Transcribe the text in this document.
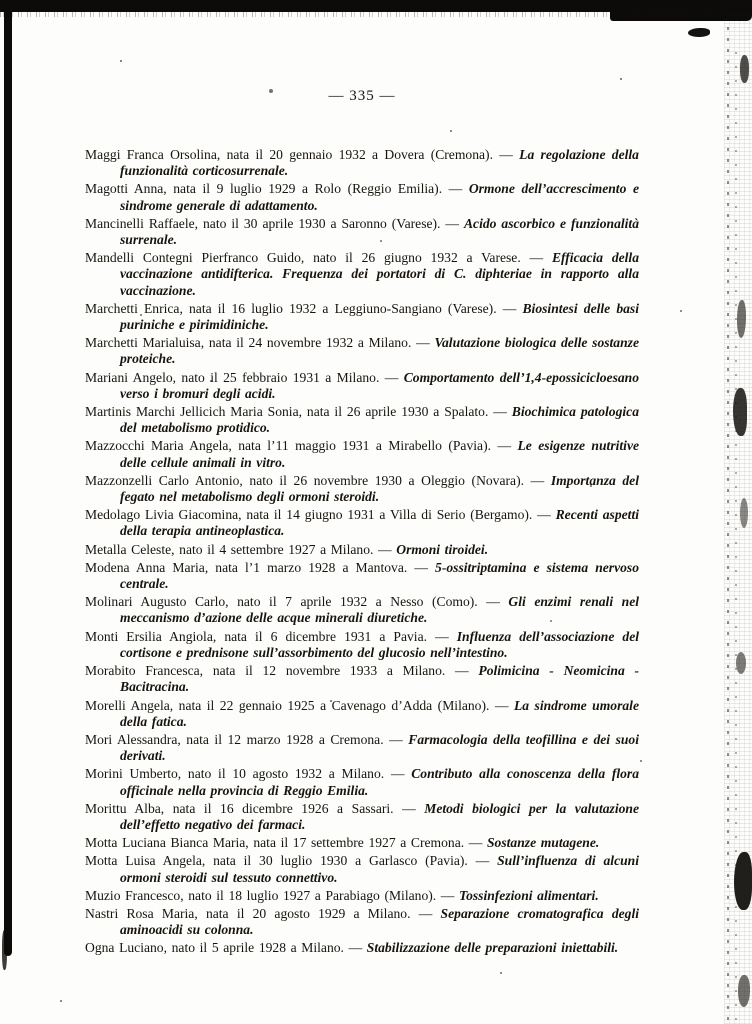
— 335 —

Maggi Franca Orsolina, nata il 20 gennaio 1932 a Dovera (Cremona). — La regolazione della funzionalità corticosurrenale.

Magotti Anna, nata il 9 luglio 1929 a Rolo (Reggio Emilia). — Ormone dell’accrescimento e sindrome generale di adattamento.

Mancinelli Raffaele, nato il 30 aprile 1930 a Saronno (Varese). — Acido ascorbico e funzionalità surrenale.

Mandelli Contegni Pierfranco Guido, nato il 26 giugno 1932 a Varese. — Efficacia della vaccinazione antidifterica. Frequenza dei portatori di C. diphteriae in rapporto alla vaccinazione.

Marchetti Enrica, nata il 16 luglio 1932 a Leggiuno-Sangiano (Varese). — Biosintesi delle basi puriniche e pirimidiniche.

Marchetti Marialuisa, nata il 24 novembre 1932 a Milano. — Valutazione biologica delle sostanze proteiche.

Mariani Angelo, nato il 25 febbraio 1931 a Milano. — Comportamento dell’1,4-epossicicloesano verso i bromuri degli acidi.

Martinis Marchi Jellicich Maria Sonia, nata il 26 aprile 1930 a Spalato. — Biochimica patologica del metabolismo protidico.

Mazzocchi Maria Angela, nata l’11 maggio 1931 a Mirabello (Pavia). — Le esigenze nutritive delle cellule animali in vitro.

Mazzonzelli Carlo Antonio, nato il 26 novembre 1930 a Oleggio (Novara). — Importanza del fegato nel metabolismo degli ormoni steroidi.

Medolago Livia Giacomina, nata il 14 giugno 1931 a Villa di Serio (Bergamo). — Recenti aspetti della terapia antineoplastica.

Metalla Celeste, nato il 4 settembre 1927 a Milano. — Ormoni tiroidei.

Modena Anna Maria, nata l’1 marzo 1928 a Mantova. — 5-ossitriptamina e sistema nervoso centrale.

Molinari Augusto Carlo, nato il 7 aprile 1932 a Nesso (Como). — Gli enzimi renali nel meccanismo d’azione delle acque minerali diuretiche.

Monti Ersilia Angiola, nata il 6 dicembre 1931 a Pavia. — Influenza dell’associazione del cortisone e prednisone sull’assorbimento del glucosio nell’intestino.

Morabito Francesca, nata il 12 novembre 1933 a Milano. — Polimicina - Neomicina - Bacitracina.

Morelli Angela, nata il 22 gennaio 1925 a Cavenago d’Adda (Milano). — La sindrome umorale della fatica.

Mori Alessandra, nata il 12 marzo 1928 a Cremona. — Farmacologia della teofillina e dei suoi derivati.

Morini Umberto, nato il 10 agosto 1932 a Milano. — Contributo alla conoscenza della flora officinale nella provincia di Reggio Emilia.

Morittu Alba, nata il 16 dicembre 1926 a Sassari. — Metodi biologici per la valutazione dell’effetto negativo dei farmaci.

Motta Luciana Bianca Maria, nata il 17 settembre 1927 a Cremona. — Sostanze mutagene.

Motta Luisa Angela, nata il 30 luglio 1930 a Garlasco (Pavia). — Sull’influenza di alcuni ormoni steroidi sul tessuto connettivo.

Muzio Francesco, nato il 18 luglio 1927 a Parabiago (Milano). — Tossinfezioni alimentari.

Nastri Rosa Maria, nata il 20 agosto 1929 a Milano. — Separazione cromatografica degli aminoacidi su colonna.

Ogna Luciano, nato il 5 aprile 1928 a Milano. — Stabilizzazione delle preparazioni iniettabili.
